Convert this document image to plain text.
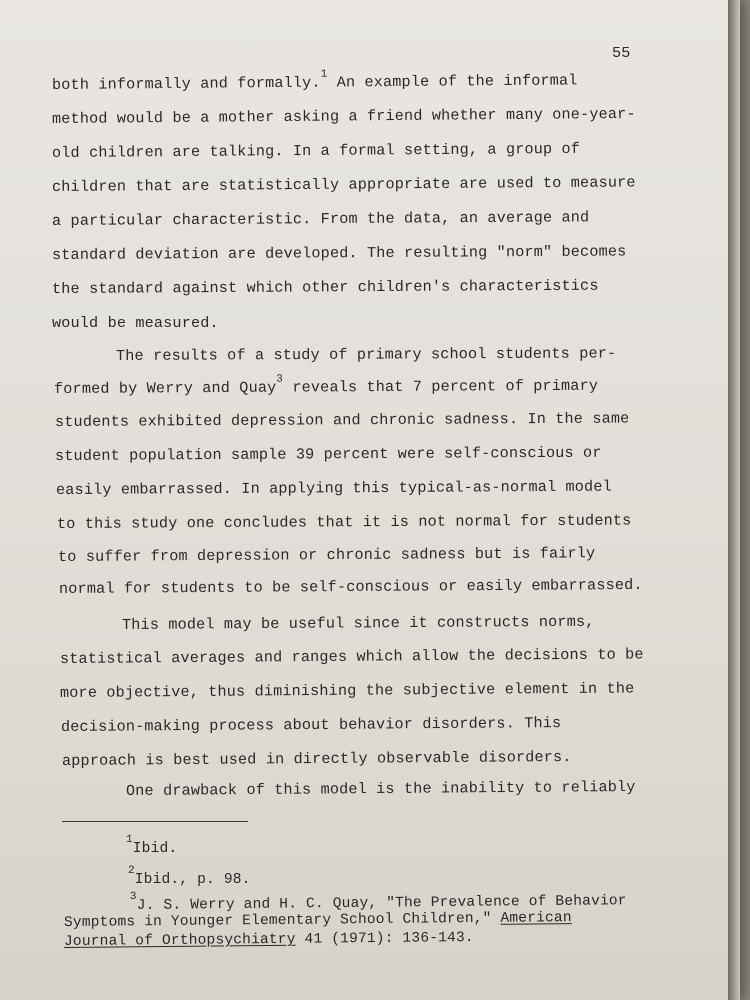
55
both informally and formally.$^1$ An example of the informal
method would be a mother asking a friend whether many one-year-
old children are talking. In a formal setting, a group of
children that are statistically appropriate are used to measure
a particular characteristic. From the data, an average and
standard deviation are developed. The resulting "norm" becomes
the standard against which other children's characteristics
would be measured.
The results of a study of primary school students per-
formed by Werry and Quay$^3$ reveals that 7 percent of primary
students exhibited depression and chronic sadness. In the same
student population sample 39 percent were self-conscious or
easily embarrassed. In applying this typical-as-normal model
to this study one concludes that it is not normal for students
to suffer from depression or chronic sadness but is fairly
normal for students to be self-conscious or easily embarrassed.
This model may be useful since it constructs norms,
statistical averages and ranges which allow the decisions to be
more objective, thus diminishing the subjective element in the
decision-making process about behavior disorders. This
approach is best used in directly observable disorders.
One drawback of this model is the inability to reliably
$^1$Ibid.
$^2$Ibid., p. 98.
$^3$J. S. Werry and H. C. Quay, "The Prevalence of Behavior
Symptoms in Younger Elementary School Children," American
Journal of Orthopsychiatry 41 (1971): 136-143.
